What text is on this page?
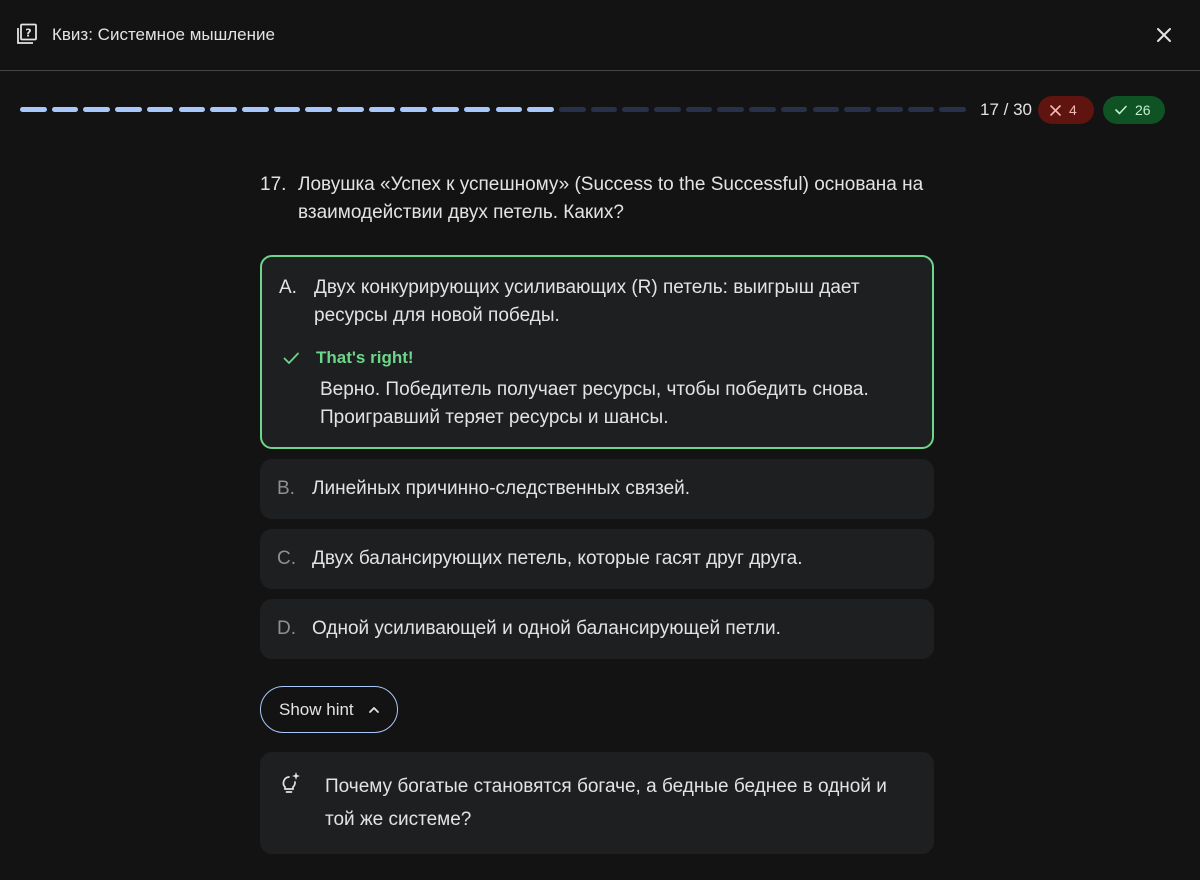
? Квиз: Системное мышление
17 / 30	4	26
17. Ловушка «Успех к успешному» (Success to the Successful) основана на взаимодействии двух петель. Каких?
A. Двух конкурирующих усиливающих (R) петель: выигрыш дает ресурсы для новой победы.
That's right!
Верно. Победитель получает ресурсы, чтобы победить снова. Проигравший теряет ресурсы и шансы.
B. Линейных причинно-следственных связей.
C. Двух балансирующих петель, которые гасят друг друга.
D. Одной усиливающей и одной балансирующей петли.
Show hint
Почему богатые становятся богаче, а бедные беднее в одной и той же системе?
